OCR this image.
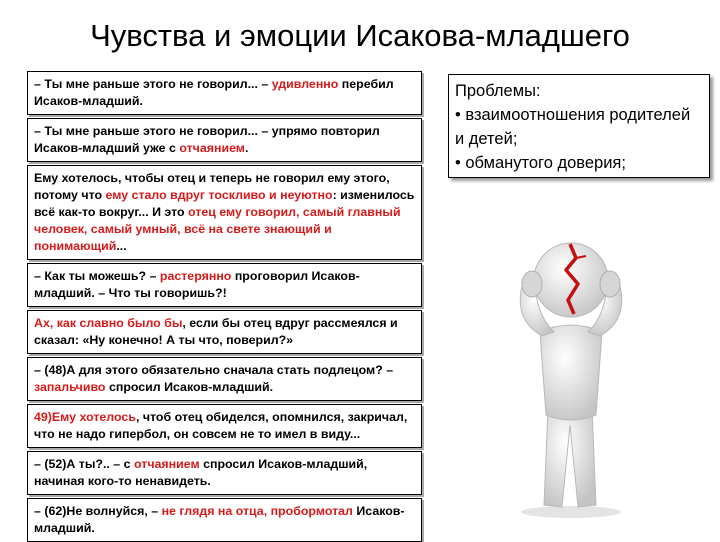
Чувства и эмоции Исакова-младшего
– Ты мне раньше этого не говорил... – удивленно перебил Исаков-младший.
– Ты мне раньше этого не говорил... – упрямо повторил Исаков-младший уже с отчаянием.
Ему хотелось, чтобы отец и теперь не говорил ему этого, потому что ему стало вдруг тоскливо и неуютно: изменилось всё как-то вокруг... И это отец ему говорил, самый главный человек, самый умный, всё на свете знающий и понимающий...
– Как ты можешь? – растерянно проговорил Исаков-младший. – Что ты говоришь?!
Ах, как славно было бы, если бы отец вдруг рассмеялся и сказал: «Ну конечно! А ты что, поверил?»
– (48)А для этого обязательно сначала стать подлецом? – запальчиво спросил Исаков-младший.
49)Ему хотелось, чтоб отец обиделся, опомнился, закричал, что не надо гипербол, он совсем не то имел в виду...
– (52)А ты?.. – с отчаянием спросил Исаков-младший, начиная кого-то ненавидеть.
– (62)Не волнуйся, – не глядя на отца, пробормотал Исаков-младший.
Проблемы:
• взаимоотношения родителей и детей;
• обманутого доверия;
